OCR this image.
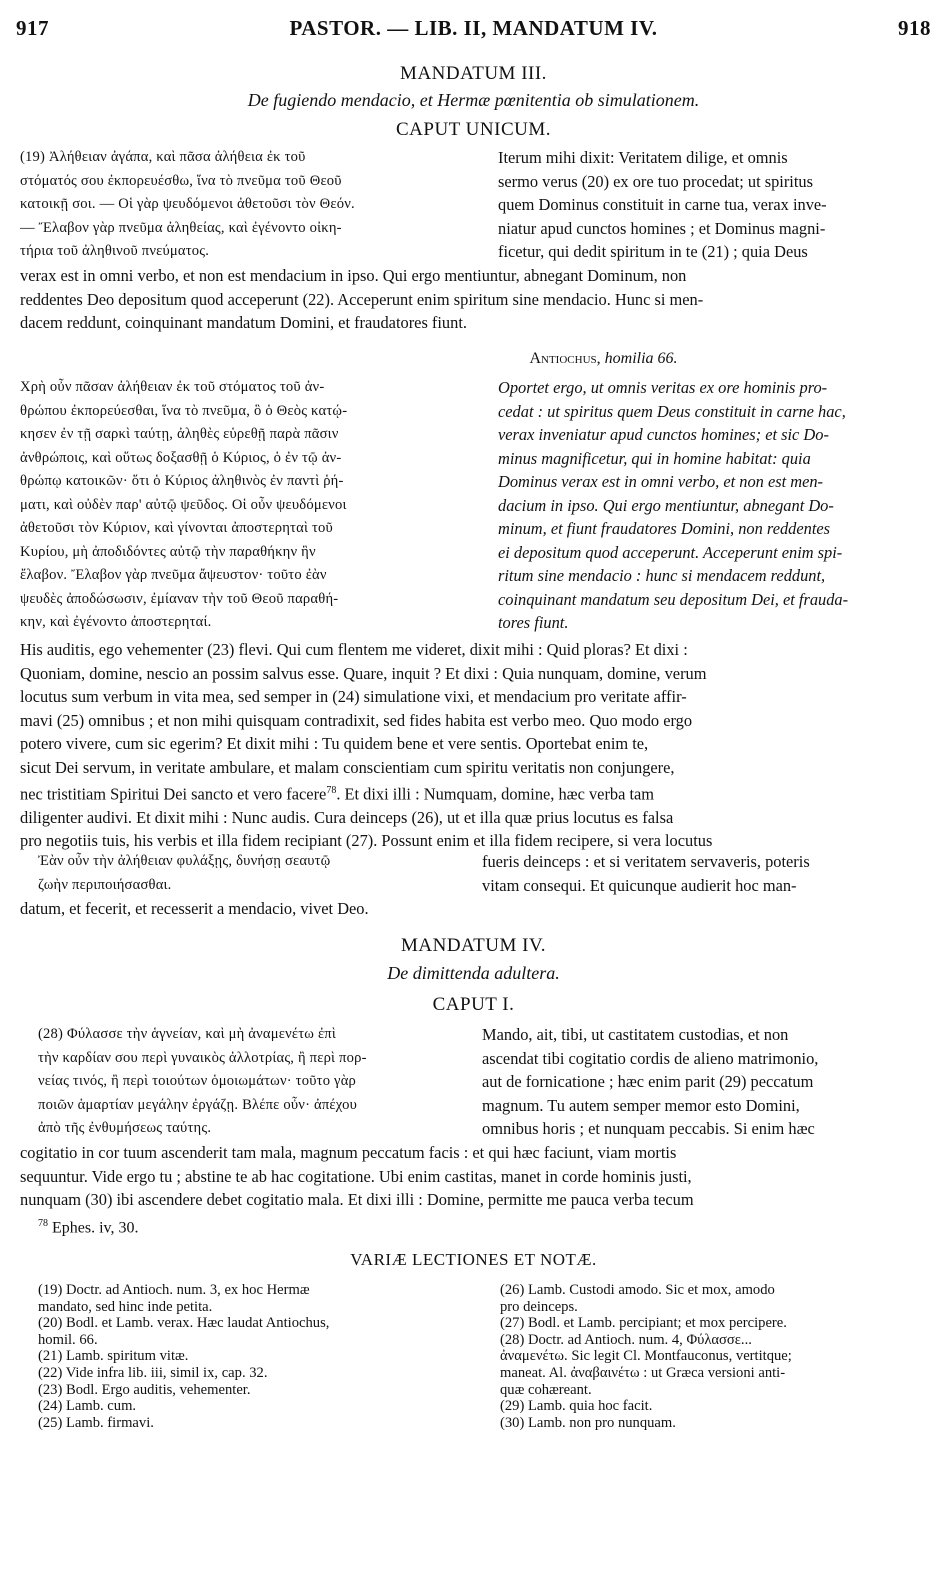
917	PASTOR. — LIB. II, MANDATUM IV.	918
MANDATUM III.
De fugiendo mendacio, et Hermæ pœnitentia ob simulationem.
CAPUT UNICUM.
(19) Ἀλήθειαν ἀγάπα, καὶ πᾶσα ἀλήθεια ἐκ τοῦ
στόματός σου ἐκπορευέσθω, ἵνα τὸ πνεῦμα τοῦ Θεοῦ
κατοικῇ σοι. — Οἱ γὰρ ψευδόμενοι ἀθετοῦσι τὸν Θεόν.
— Ἔλαβον γὰρ πνεῦμα ἀληθείας, καὶ ἐγένοντο οἰκη-
τήρια τοῦ ἀληθινοῦ πνεύματος.
Iterum mihi dixit: Veritatem dilige, et omnis
sermo verus (20) ex ore tuo procedat; ut spiritus
quem Dominus constituit in carne tua, verax inve-
niatur apud cunctos homines ; et Dominus magni-
ficetur, qui dedit spiritum in te (21) ; quia Deus
verax est in omni verbo, et non est mendacium in ipso. Qui ergo mentiuntur, abnegant Dominum, non
reddentes Deo depositum quod acceperunt (22). Acceperunt enim spiritum sine mendacio. Hunc si men-
dacem reddunt, coinquinant mandatum Domini, et fraudatores fiunt.
Antiochus, homilia 66.
Χρὴ οὖν πᾶσαν ἀλήθειαν ἐκ τοῦ στόματος τοῦ ἀν-
θρώπου ἐκπορεύεσθαι, ἵνα τὸ πνεῦμα, ὃ ὁ Θεὸς κατῴ-
κησεν ἐν τῇ σαρκὶ ταύτῃ, ἀληθὲς εὑρεθῇ παρὰ πᾶσιν
ἀνθρώποις, καὶ οὕτως δοξασθῇ ὁ Κύριος, ὁ ἐν τῷ ἀν-
θρώπῳ κατοικῶν· ὅτι ὁ Κύριος ἀληθινὸς ἐν παντὶ ῥή-
ματι, καὶ οὐδὲν παρ' αὐτῷ ψεῦδος. Οἱ οὖν ψευδόμενοι
ἀθετοῦσι τὸν Κύριον, καὶ γίνονται ἀποστερηταὶ τοῦ
Κυρίου, μὴ ἀποδιδόντες αὐτῷ τὴν παραθήκην ἣν
ἔλαβον. Ἔλαβον γὰρ πνεῦμα ἄψευστον· τοῦτο ἐὰν
ψευδὲς ἀποδώσωσιν, ἐμίαναν τὴν τοῦ Θεοῦ παραθή-
κην, καὶ ἐγένοντο ἀποστερηταί.
Oportet ergo, ut omnis veritas ex ore hominis pro-
cedat : ut spiritus quem Deus constituit in carne hac,
verax inveniatur apud cunctos homines; et sic Do-
minus magnificetur, qui in homine habitat: quia
Dominus verax est in omni verbo, et non est men-
dacium in ipso. Qui ergo mentiuntur, abnegant Do-
minum, et fiunt fraudatores Domini, non reddentes
ei depositum quod acceperunt. Acceperunt enim spi-
ritum sine mendacio : hunc si mendacem reddunt,
coinquinant mandatum seu depositum Dei, et frauda-
tores fiunt.
His auditis, ego vehementer (23) flevi. Qui cum flentem me videret, dixit mihi : Quid ploras? Et dixi :
Quoniam, domine, nescio an possim salvus esse. Quare, inquit ? Et dixi : Quia nunquam, domine, verum
locutus sum verbum in vita mea, sed semper in (24) simulatione vixi, et mendacium pro veritate affir-
mavi (25) omnibus ; et non mihi quisquam contradixit, sed fides habita est verbo meo. Quo modo ergo
potero vivere, cum sic egerim? Et dixit mihi : Tu quidem bene et vere sentis. Oportebat enim te,
sicut Dei servum, in veritate ambulare, et malam conscientiam cum spiritu veritatis non conjungere,
nec tristitiam Spiritui Dei sancto et vero facere$^{78}$. Et dixi illi : Numquam, domine, hæc verba tam
diligenter audivi. Et dixit mihi : Nunc audis. Cura deinceps (26), ut et illa quæ prius locutus es falsa
pro negotiis tuis, his verbis et illa fidem recipiant (27). Possunt enim et illa fidem recipere, si vera locutus
Ἐὰν οὖν τὴν ἀλήθειαν φυλάξῃς, δυνήσῃ σεαυτῷ
ζωὴν περιποιήσασθαι.
fueris deinceps : et si veritatem servaveris, poteris
vitam consequi. Et quicunque audierit hoc man-
datum, et fecerit, et recesserit a mendacio, vivet Deo.
MANDATUM IV.
De dimittenda adultera.
CAPUT I.
(28) Φύλασσε τὴν ἁγνείαν, καὶ μὴ ἀναμενέτω ἐπὶ
τὴν καρδίαν σου περὶ γυναικὸς ἀλλοτρίας, ἢ περὶ πορ-
νείας τινός, ἢ περὶ τοιούτων ὁμοιωμάτων· τοῦτο γὰρ
ποιῶν ἁμαρτίαν μεγάλην ἐργάζῃ. Βλέπε οὖν· ἀπέχου
ἀπὸ τῆς ἐνθυμήσεως ταύτης.
Mando, ait, tibi, ut castitatem custodias, et non
ascendat tibi cogitatio cordis de alieno matrimonio,
aut de fornicatione ; hæc enim parit (29) peccatum
magnum. Tu autem semper memor esto Domini,
omnibus horis ; et nunquam peccabis. Si enim hæc
cogitatio in cor tuum ascenderit tam mala, magnum peccatum facis : et qui hæc faciunt, viam mortis
sequuntur. Vide ergo tu ; abstine te ab hac cogitatione. Ubi enim castitas, manet in corde hominis justi,
nunquam (30) ibi ascendere debet cogitatio mala. Et dixi illi : Domine, permitte me pauca verba tecum
$^{78}$ Ephes. iv, 30.
VARIÆ LECTIONES ET NOTÆ.
(19) Doctr. ad Antioch. num. 3, ex hoc Hermæ
mandato, sed hinc inde petita.
(20) Bodl. et Lamb. verax. Hæc laudat Antiochus,
homil. 66.
(21) Lamb. spiritum vitæ.
(22) Vide infra lib. iii, simil ix, cap. 32.
(23) Bodl. Ergo auditis, vehementer.
(24) Lamb. cum.
(25) Lamb. firmavi.
(26) Lamb. Custodi amodo. Sic et mox, amodo
pro deinceps.
(27) Bodl. et Lamb. percipiant; et mox percipere.
(28) Doctr. ad Antioch. num. 4, Φύλασσε...
ἀναμενέτω. Sic legit Cl. Montfauconus, vertitque;
maneat. Al. ἀναβαινέτω : ut Græca versioni anti-
quæ cohæreant.
(29) Lamb. quia hoc facit.
(30) Lamb. non pro nunquam.
